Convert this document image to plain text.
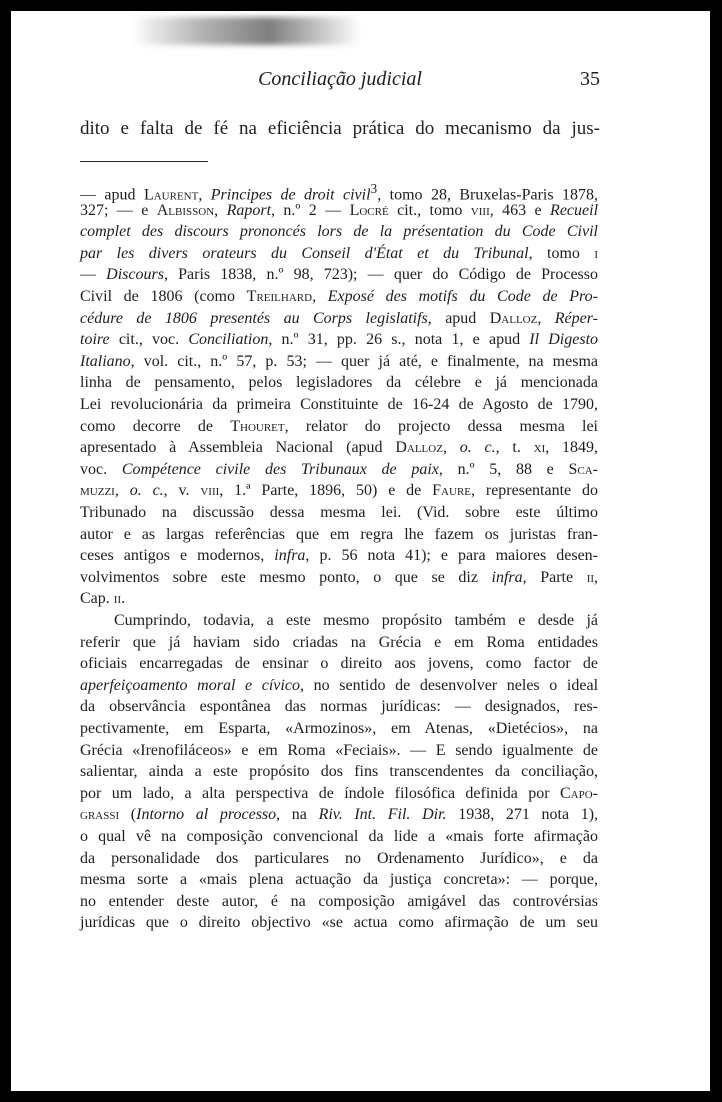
Conciliação judicial	35
dito e falta de fé na eficiência prática do mecanismo da jus-
— apud Laurent, Principes de droit civil$^3$, tomo 28, Bruxelas-Paris 1878,
327; — e Albisson, Raport, n.º 2 — Locré cit., tomo viii, 463 e Recueil
complet des discours prononcés lors de la présentation du Code Civil
par les divers orateurs du Conseil d'État et du Tribunal, tomo i
— Discours, Paris 1838, n.º 98, 723); — quer do Código de Processo
Civil de 1806 (como Treilhard, Exposé des motifs du Code de Pro-
cédure de 1806 presentés au Corps legislatifs, apud Dalloz, Réper-
toire cit., voc. Conciliation, n.º 31, pp. 26 s., nota 1, e apud Il Digesto
Italiano, vol. cit., n.º 57, p. 53; — quer já até, e finalmente, na mesma
linha de pensamento, pelos legisladores da célebre e já mencionada
Lei revolucionária da primeira Constituinte de 16-24 de Agosto de 1790,
como decorre de Thouret, relator do projecto dessa mesma lei
apresentado à Assembleia Nacional (apud Dalloz, o. c., t. xi, 1849,
voc. Compétence civile des Tribunaux de paix, n.º 5, 88 e Sca-
muzzi, o. c., v. viii, 1.ª Parte, 1896, 50) e de Faure, representante do
Tribunado na discussão dessa mesma lei. (Vid. sobre este último
autor e as largas referências que em regra lhe fazem os juristas fran-
ceses antigos e modernos, infra, p. 56 nota 41); e para maiores desen-
volvimentos sobre este mesmo ponto, o que se diz infra, Parte ii,
Cap. ii.
Cumprindo, todavia, a este mesmo propósito também e desde já
referir que já haviam sido criadas na Grécia e em Roma entidades
oficiais encarregadas de ensinar o direito aos jovens, como factor de
aperfeiçoamento moral e cívico, no sentido de desenvolver neles o ideal
da observância espontânea das normas jurídicas: — designados, res-
pectivamente, em Esparta, «Armozinos», em Atenas, «Dietécios», na
Grécia «Irenofiláceos» e em Roma «Feciais». — E sendo igualmente de
salientar, ainda a este propósito dos fins transcendentes da conciliação,
por um lado, a alta perspectiva de índole filosófica definida por Capo-
grassi (Intorno al processo, na Riv. Int. Fil. Dir. 1938, 271 nota 1),
o qual vê na composição convencional da lide a «mais forte afirmação
da personalidade dos particulares no Ordenamento Jurídico», e da
mesma sorte a «mais plena actuação da justiça concreta»: — porque,
no entender deste autor, é na composição amigável das controvérsias
jurídicas que o direito objectivo «se actua como afirmação de um seu
